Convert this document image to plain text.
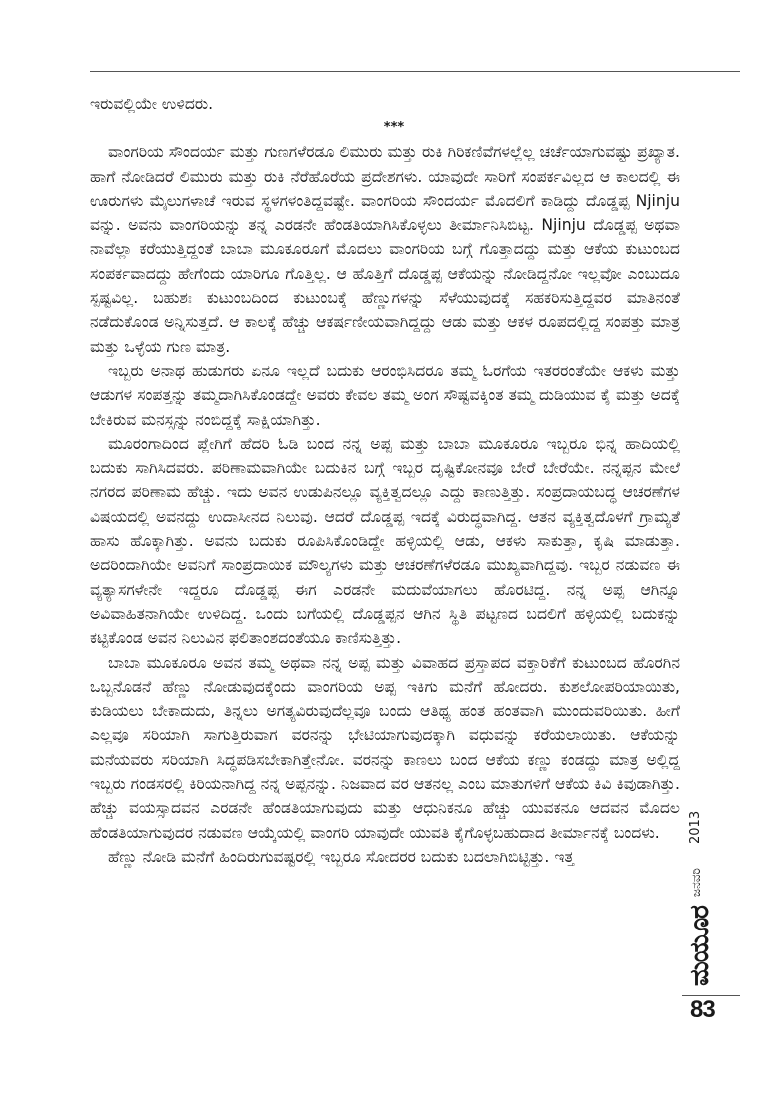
ಇರುವಲ್ಲಿಯೇ ಉಳಿದರು.

***

ವಾಂಗರಿಯ ಸೌಂದರ್ಯ ಮತ್ತು ಗುಣಗಳೆರಡೂ ಲಿಮುರು ಮತ್ತು ರುಕಿ ಗಿರಿಕಣಿವೆಗಳಲ್ಲೆಲ್ಲ ಚರ್ಚೆಯಾಗುವಷ್ಟು ಪ್ರಖ್ಯಾತ. ಹಾಗೆ ನೋಡಿದರೆ ಲಿಮುರು ಮತ್ತು ರುಕಿ ನೆರೆಹೊರೆಯ ಪ್ರದೇಶಗಳು. ಯಾವುದೇ ಸಾರಿಗೆ ಸಂಪರ್ಕವಿಲ್ಲದ ಆ ಕಾಲದಲ್ಲಿ ಈ ಊರುಗಳು ಮೈಲುಗಳಾಚೆ ಇರುವ ಸ್ಥಳಗಳಂತಿದ್ದವಷ್ಟೇ. ವಾಂಗರಿಯ ಸೌಂದರ್ಯ ಮೊದಲಿಗೆ ಕಾಡಿದ್ದು ದೊಡ್ಡಪ್ಪ Njinju ವನ್ನು. ಅವನು ವಾಂಗರಿಯನ್ನು ತನ್ನ ಎರಡನೇ ಹೆಂಡತಿಯಾಗಿಸಿಕೊಳ್ಳಲು ತೀರ್ಮಾನಿಸಿಬಿಟ್ಟ. Njinju ದೊಡ್ಡಪ್ಪ ಅಥವಾ ನಾವೆಲ್ಲಾ ಕರೆಯುತ್ತಿದ್ದಂತೆ ಬಾಬಾ ಮೂಕೂರೂಗೆ ಮೊದಲು ವಾಂಗರಿಯ ಬಗ್ಗೆ ಗೊತ್ತಾದದ್ದು ಮತ್ತು ಆಕೆಯ ಕುಟುಂಬದ ಸಂಪರ್ಕವಾದದ್ದು ಹೇಗೆಂದು ಯಾರಿಗೂ ಗೊತ್ತಿಲ್ಲ. ಆ ಹೊತ್ತಿಗೆ ದೊಡ್ಡಪ್ಪ ಆಕೆಯನ್ನು ನೋಡಿದ್ದನೋ ಇಲ್ಲವೋ ಎಂಬುದೂ ಸ್ಪಷ್ಟವಿಲ್ಲ. ಬಹುಶಃ ಕುಟುಂಬದಿಂದ ಕುಟುಂಬಕ್ಕೆ ಹೆಣ್ಣುಗಳನ್ನು ಸೆಳೆಯುವುದಕ್ಕೆ ಸಹಕರಿಸುತ್ತಿದ್ದವರ ಮಾತಿನಂತೆ ನಡೆದುಕೊಂಡ ಅನ್ನಿಸುತ್ತದೆ. ಆ ಕಾಲಕ್ಕೆ ಹೆಚ್ಚು ಆಕರ್ಷಣೀಯವಾಗಿದ್ದದ್ದು ಆಡು ಮತ್ತು ಆಕಳ ರೂಪದಲ್ಲಿದ್ದ ಸಂಪತ್ತು ಮಾತ್ರ ಮತ್ತು ಒಳ್ಳೆಯ ಗುಣ ಮಾತ್ರ.

ಇಬ್ಬರು ಅನಾಥ ಹುಡುಗರು ಏನೂ ಇಲ್ಲದೆ ಬದುಕು ಆರಂಭಿಸಿದರೂ ತಮ್ಮ ಓರಗೆಯ ಇತರರಂತೆಯೇ ಆಕಳು ಮತ್ತು ಆಡುಗಳ ಸಂಪತ್ತನ್ನು ತಮ್ಮದಾಗಿಸಿಕೊಂಡದ್ದೇ ಅವರು ಕೇವಲ ತಮ್ಮ ಅಂಗ ಸೌಷ್ಟವಕ್ಕಿಂತ ತಮ್ಮ ದುಡಿಯುವ ಕೈ ಮತ್ತು ಅದಕ್ಕೆ ಬೇಕಿರುವ ಮನಸ್ಸನ್ನು ನಂಬಿದ್ದಕ್ಕೆ ಸಾಕ್ಷಿಯಾಗಿತ್ತು.

ಮೂರಂಗಾದಿಂದ ಪ್ಲೇಗಿಗೆ ಹೆದರಿ ಓಡಿ ಬಂದ ನನ್ನ ಅಪ್ಪ ಮತ್ತು ಬಾಬಾ ಮೂಕೂರೂ ಇಬ್ಬರೂ ಭಿನ್ನ ಹಾದಿಯಲ್ಲಿ ಬದುಕು ಸಾಗಿಸಿದವರು. ಪರಿಣಾಮವಾಗಿಯೇ ಬದುಕಿನ ಬಗ್ಗೆ ಇಬ್ಬರ ದೃಷ್ಟಿಕೋನವೂ ಬೇರೆ ಬೇರೆಯೇ. ನನ್ನಪ್ಪನ ಮೇಲೆ ನಗರದ ಪರಿಣಾಮ ಹೆಚ್ಚು. ಇದು ಅವನ ಉಡುಪಿನಲ್ಲೂ ವ್ಯಕ್ತಿತ್ವದಲ್ಲೂ ಎದ್ದು ಕಾಣುತ್ತಿತ್ತು. ಸಂಪ್ರದಾಯಬದ್ಧ ಆಚರಣೆಗಳ ವಿಷಯದಲ್ಲಿ ಅವನದ್ದು ಉದಾಸೀನದ ನಿಲುವು. ಆದರೆ ದೊಡ್ಡಪ್ಪ ಇದಕ್ಕೆ ವಿರುದ್ಧವಾಗಿದ್ದ. ಆತನ ವ್ಯಕ್ತಿತ್ವದೊಳಗೆ ಗ್ರಾಮ್ಯತೆ ಹಾಸು ಹೊಕ್ಕಾಗಿತ್ತು. ಅವನು ಬದುಕು ರೂಪಿಸಿಕೊಂಡಿದ್ದೇ ಹಳ್ಳಿಯಲ್ಲಿ ಆಡು, ಆಕಳು ಸಾಕುತ್ತಾ, ಕೃಷಿ ಮಾಡುತ್ತಾ. ಅದರಿಂದಾಗಿಯೇ ಅವನಿಗೆ ಸಾಂಪ್ರದಾಯಿಕ ಮೌಲ್ಯಗಳು ಮತ್ತು ಆಚರಣೆಗಳೆರಡೂ ಮುಖ್ಯವಾಗಿದ್ದವು. ಇಬ್ಬರ ನಡುವಣ ಈ ವ್ಯತ್ಯಾಸಗಳೇನೇ ಇದ್ದರೂ ದೊಡ್ಡಪ್ಪ ಈಗ ಎರಡನೇ ಮದುವೆಯಾಗಲು ಹೊರಟಿದ್ದ. ನನ್ನ ಅಪ್ಪ ಆಗಿನ್ನೂ ಅವಿವಾಹಿತನಾಗಿಯೇ ಉಳಿದಿದ್ದ. ಒಂದು ಬಗೆಯಲ್ಲಿ ದೊಡ್ಡಪ್ಪನ ಆಗಿನ ಸ್ಥಿತಿ ಪಟ್ಟಣದ ಬದಲಿಗೆ ಹಳ್ಳಿಯಲ್ಲಿ ಬದುಕನ್ನು ಕಟ್ಟಿಕೊಂಡ ಅವನ ನಿಲುವಿನ ಫಲಿತಾಂಶದಂತೆಯೂ ಕಾಣಿಸುತ್ತಿತ್ತು.

ಬಾಬಾ ಮೂಕೂರೂ ಅವನ ತಮ್ಮ ಅಥವಾ ನನ್ನ ಅಪ್ಪ ಮತ್ತು ವಿವಾಹದ ಪ್ರಸ್ತಾಪದ ವಕ್ತಾರಿಕೆಗೆ ಕುಟುಂಬದ ಹೊರಗಿನ ಒಬ್ಬನೊಡನೆ ಹೆಣ್ಣು ನೋಡುವುದಕ್ಕೆಂದು ವಾಂಗರಿಯ ಅಪ್ಪ ಇಕಿಗು ಮನೆಗೆ ಹೋದರು. ಕುಶಲೋಪರಿಯಾಯಿತು, ಕುಡಿಯಲು ಬೇಕಾದುದು, ತಿನ್ನಲು ಅಗತ್ಯವಿರುವುದೆಲ್ಲವೂ ಬಂದು ಆತಿಥ್ಯ ಹಂತ ಹಂತವಾಗಿ ಮುಂದುವರಿಯಿತು. ಹೀಗೆ ಎಲ್ಲವೂ ಸರಿಯಾಗಿ ಸಾಗುತ್ತಿರುವಾಗ ವರನನ್ನು ಭೇಟಿಯಾಗುವುದಕ್ಕಾಗಿ ವಧುವನ್ನು ಕರೆಯಲಾಯಿತು. ಆಕೆಯನ್ನು ಮನೆಯವರು ಸರಿಯಾಗಿ ಸಿದ್ಧಪಡಿಸಬೇಕಾಗಿತ್ತೇನೋ. ವರನನ್ನು ಕಾಣಲು ಬಂದ ಆಕೆಯ ಕಣ್ಣು ಕಂಡದ್ದು ಮಾತ್ರ ಅಲ್ಲಿದ್ದ ಇಬ್ಬರು ಗಂಡಸರಲ್ಲಿ ಕಿರಿಯನಾಗಿದ್ದ ನನ್ನ ಅಪ್ಪನನ್ನು. ನಿಜವಾದ ವರ ಆತನಲ್ಲ ಎಂಬ ಮಾತುಗಳಿಗೆ ಆಕೆಯ ಕಿವಿ ಕಿವುಡಾಗಿತ್ತು. ಹೆಚ್ಚು ವಯಸ್ಸಾದವನ ಎರಡನೇ ಹೆಂಡತಿಯಾಗುವುದು ಮತ್ತು ಆಧುನಿಕನೂ ಹೆಚ್ಚು ಯುವಕನೂ ಆದವನ ಮೊದಲ ಹೆಂಡತಿಯಾಗುವುದರ ನಡುವಣ ಆಯ್ಕೆಯಲ್ಲಿ ವಾಂಗರಿ ಯಾವುದೇ ಯುವತಿ ಕೈಗೊಳ್ಳಬಹುದಾದ ತೀರ್ಮಾನಕ್ಕೆ ಬಂದಳು.

ಹೆಣ್ಣು ನೋಡಿ ಮನೆಗೆ ಹಿಂದಿರುಗುವಷ್ಟರಲ್ಲಿ ಇಬ್ಬರೂ ಸೋದರರ ಬದುಕು ಬದಲಾಗಿಬಿಟ್ಟಿತ್ತು. ಇತ್ತ

2013
ಜನವರಿ
ಮಯೂರ
83
